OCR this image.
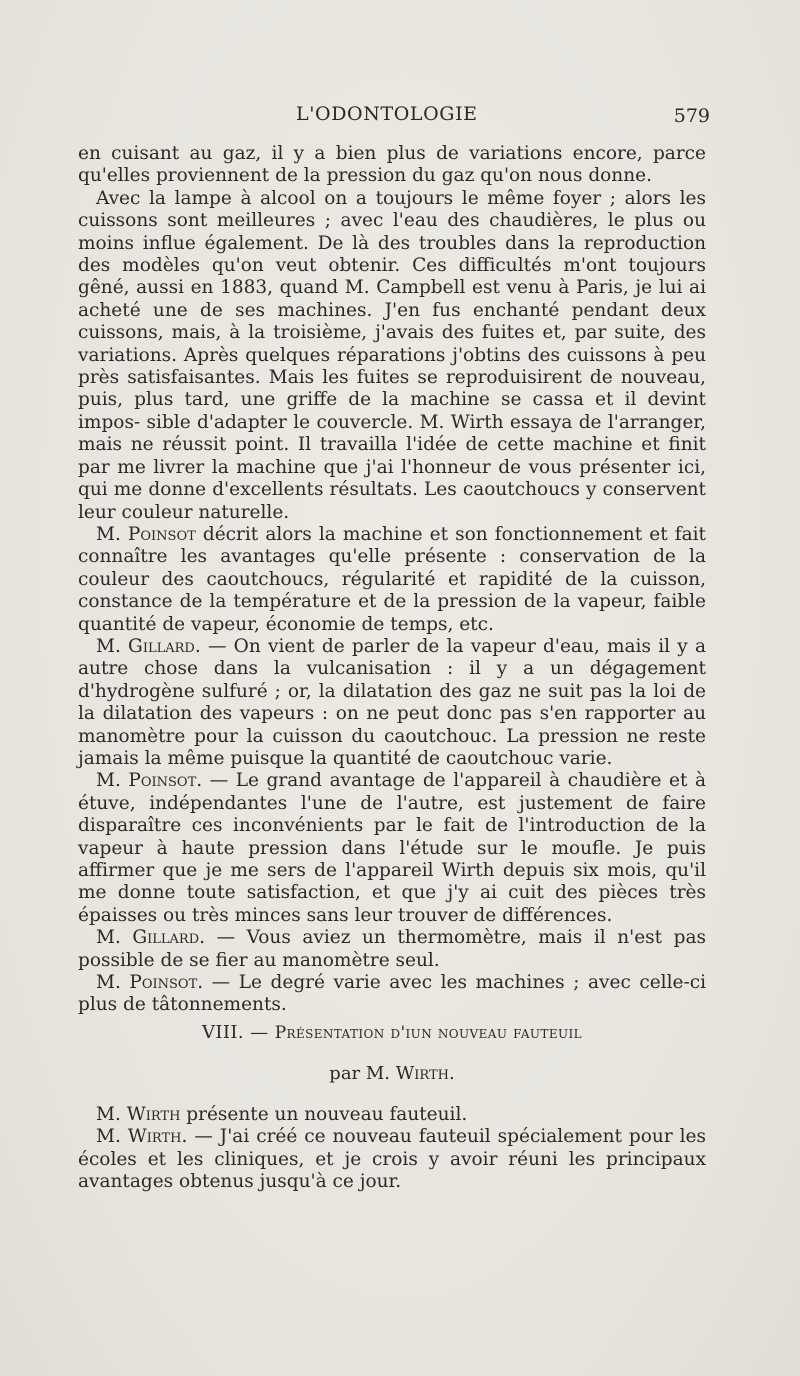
L'ODONTOLOGIE	579

en cuisant au gaz, il y a bien plus de variations encore, parce qu'elles proviennent de la pression du gaz qu'on nous donne.

Avec la lampe à alcool on a toujours le même foyer ; alors les cuissons sont meilleures ; avec l'eau des chaudières, le plus ou moins influe également. De là des troubles dans la reproduction des modèles qu'on veut obtenir. Ces difficultés m'ont toujours gêné, aussi en 1883, quand M. Campbell est venu à Paris, je lui ai acheté une de ses machines. J'en fus enchanté pendant deux cuissons, mais, à la troisième, j'avais des fuites et, par suite, des variations. Après quelques réparations j'obtins des cuissons à peu près satisfaisantes. Mais les fuites se reproduisirent de nouveau, puis, plus tard, une griffe de la machine se cassa et il devint impos- sible d'adapter le couvercle. M. Wirth essaya de l'arranger, mais ne réussit point. Il travailla l'idée de cette machine et finit par me livrer la machine que j'ai l'honneur de vous présenter ici, qui me donne d'excellents résultats. Les caoutchoucs y conservent leur couleur naturelle.

M. Poinsot décrit alors la machine et son fonctionnement et fait connaître les avantages qu'elle présente : conservation de la couleur des caoutchoucs, régularité et rapidité de la cuisson, constance de la température et de la pression de la vapeur, faible quantité de vapeur, économie de temps, etc.

M. Gillard. — On vient de parler de la vapeur d'eau, mais il y a autre chose dans la vulcanisation : il y a un dégagement d'hydrogène sulfuré ; or, la dilatation des gaz ne suit pas la loi de la dilatation des vapeurs : on ne peut donc pas s'en rapporter au manomètre pour la cuisson du caoutchouc. La pression ne reste jamais la même puisque la quantité de caoutchouc varie.

M. Poinsot. — Le grand avantage de l'appareil à chaudière et à étuve, indépendantes l'une de l'autre, est justement de faire disparaître ces inconvénients par le fait de l'introduction de la vapeur à haute pression dans l'étude sur le moufle. Je puis affirmer que je me sers de l'appareil Wirth depuis six mois, qu'il me donne toute satisfaction, et que j'y ai cuit des pièces très épaisses ou très minces sans leur trouver de différences.

M. Gillard. — Vous aviez un thermomètre, mais il n'est pas possible de se fier au manomètre seul.

M. Poinsot. — Le degré varie avec les machines ; avec celle-ci plus de tâtonnements.

VIII. — Présentation d'iun nouveau fauteuil
par M. Wirth.

M. Wirth présente un nouveau fauteuil.

M. Wirth. — J'ai créé ce nouveau fauteuil spécialement pour les écoles et les cliniques, et je crois y avoir réuni les principaux avantages obtenus jusqu'à ce jour.
